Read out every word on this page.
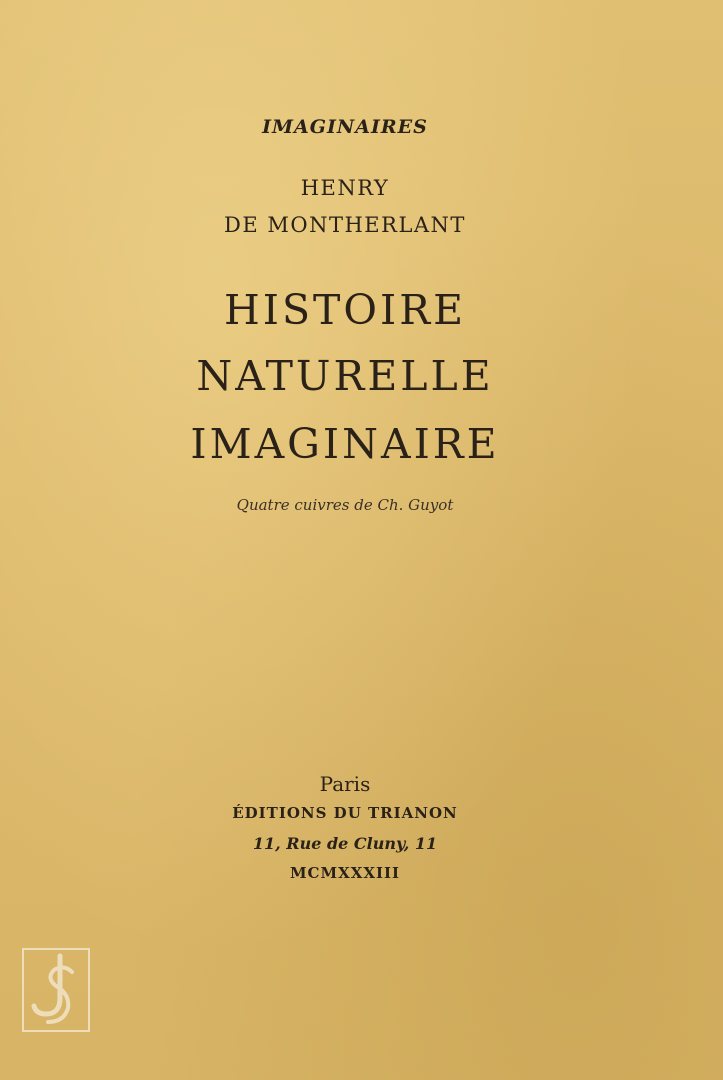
IMAGINAIRES
HENRY
DE MONTHERLANT
HISTOIRE
NATURELLE
IMAGINAIRE
Quatre cuivres de Ch. Guyot
Paris
ÉDITIONS DU TRIANON
11, Rue de Cluny, 11
MCMXXXIII
